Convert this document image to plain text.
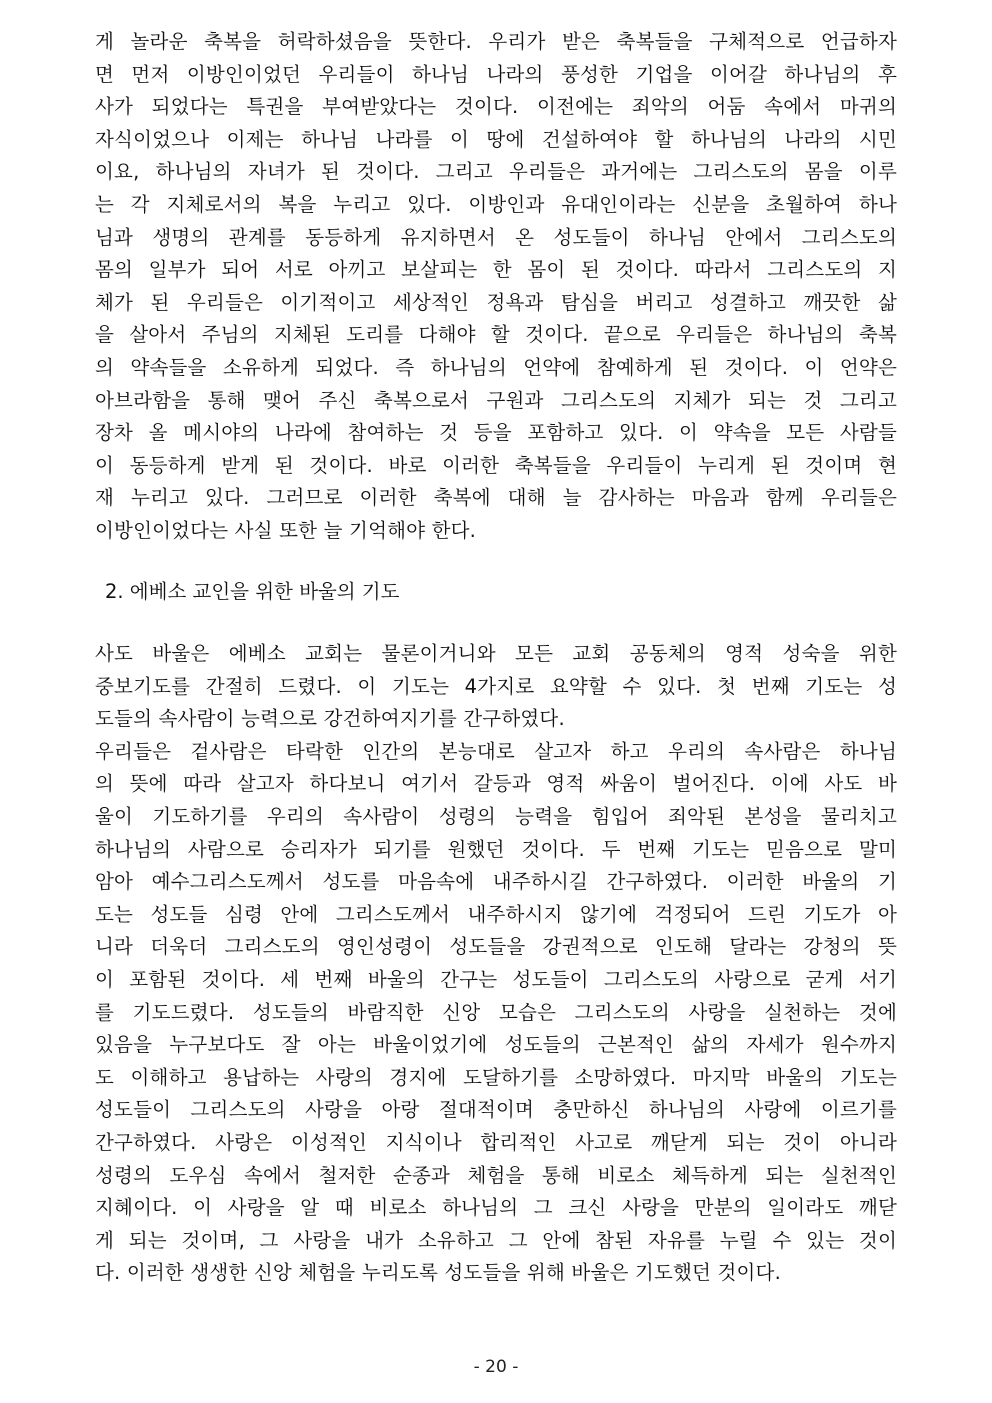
게 놀라운 축복을 허락하셨음을 뜻한다. 우리가 받은 축복들을 구체적으로 언급하자
면 먼저 이방인이었던 우리들이 하나님 나라의 풍성한 기업을 이어갈 하나님의 후
사가 되었다는 특권을 부여받았다는 것이다. 이전에는 죄악의 어둠 속에서 마귀의
자식이었으나 이제는 하나님 나라를 이 땅에 건설하여야 할 하나님의 나라의 시민
이요, 하나님의 자녀가 된 것이다. 그리고 우리들은 과거에는 그리스도의 몸을 이루
는 각 지체로서의 복을 누리고 있다. 이방인과 유대인이라는 신분을 초월하여 하나
님과 생명의 관계를 동등하게 유지하면서 온 성도들이 하나님 안에서 그리스도의
몸의 일부가 되어 서로 아끼고 보살피는 한 몸이 된 것이다. 따라서 그리스도의 지
체가 된 우리들은 이기적이고 세상적인 정욕과 탐심을 버리고 성결하고 깨끗한 삶
을 살아서 주님의 지체된 도리를 다해야 할 것이다. 끝으로 우리들은 하나님의 축복
의 약속들을 소유하게 되었다. 즉 하나님의 언약에 참예하게 된 것이다. 이 언약은
아브라함을 통해 맺어 주신 축복으로서 구원과 그리스도의 지체가 되는 것 그리고
장차 올 메시야의 나라에 참여하는 것 등을 포함하고 있다. 이 약속을 모든 사람들
이 동등하게 받게 된 것이다. 바로 이러한 축복들을 우리들이 누리게 된 것이며 현
재 누리고 있다. 그러므로 이러한 축복에 대해 늘 감사하는 마음과 함께 우리들은
이방인이었다는 사실 또한 늘 기억해야 한다.
2. 에베소 교인을 위한 바울의 기도
사도 바울은 에베소 교회는 물론이거니와 모든 교회 공동체의 영적 성숙을 위한
중보기도를 간절히 드렸다. 이 기도는 4가지로 요약할 수 있다. 첫 번째 기도는 성
도들의 속사람이 능력으로 강건하여지기를 간구하였다.
우리들은 겉사람은 타락한 인간의 본능대로 살고자 하고 우리의 속사람은 하나님
의 뜻에 따라 살고자 하다보니 여기서 갈등과 영적 싸움이 벌어진다. 이에 사도 바
울이 기도하기를 우리의 속사람이 성령의 능력을 힘입어 죄악된 본성을 물리치고
하나님의 사람으로 승리자가 되기를 원했던 것이다. 두 번째 기도는 믿음으로 말미
암아 예수그리스도께서 성도를 마음속에 내주하시길 간구하였다. 이러한 바울의 기
도는 성도들 심령 안에 그리스도께서 내주하시지 않기에 걱정되어 드린 기도가 아
니라 더욱더 그리스도의 영인성령이 성도들을 강권적으로 인도해 달라는 강청의 뜻
이 포함된 것이다. 세 번째 바울의 간구는 성도들이 그리스도의 사랑으로 굳게 서기
를 기도드렸다. 성도들의 바람직한 신앙 모습은 그리스도의 사랑을 실천하는 것에
있음을 누구보다도 잘 아는 바울이었기에 성도들의 근본적인 삶의 자세가 원수까지
도 이해하고 용납하는 사랑의 경지에 도달하기를 소망하였다. 마지막 바울의 기도는
성도들이 그리스도의 사랑을 아랑 절대적이며 충만하신 하나님의 사랑에 이르기를
간구하였다. 사랑은 이성적인 지식이나 합리적인 사고로 깨닫게 되는 것이 아니라
성령의 도우심 속에서 철저한 순종과 체험을 통해 비로소 체득하게 되는 실천적인
지혜이다. 이 사랑을 알 때 비로소 하나님의 그 크신 사랑을 만분의 일이라도 깨닫
게 되는 것이며, 그 사랑을 내가 소유하고 그 안에 참된 자유를 누릴 수 있는 것이
다. 이러한 생생한 신앙 체험을 누리도록 성도들을 위해 바울은 기도했던 것이다.
- 20 -
